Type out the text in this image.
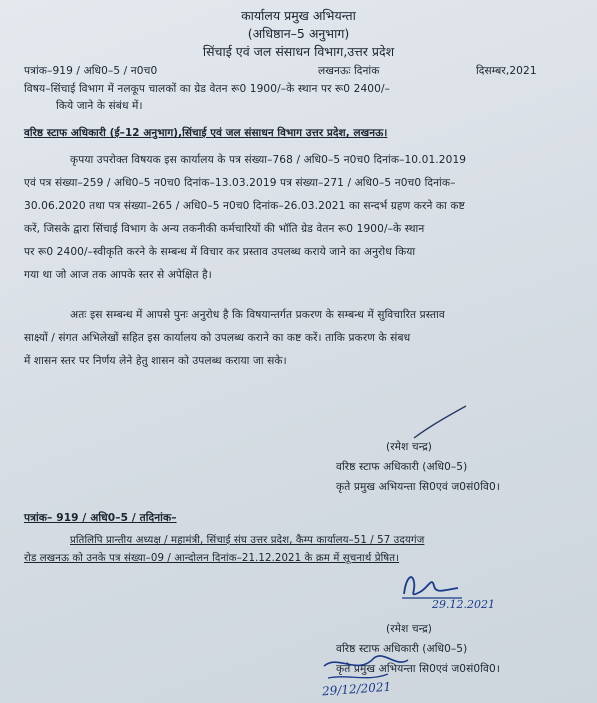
कार्यालय प्रमुख अभियन्ता
(अधिष्ठान–5 अनुभाग)
सिंचाई एवं जल संसाधन विभाग,उत्तर प्रदेश
पत्रांक–919 / अधि0–5 / न0च0	लखनऊः दिनांक	दिसम्बर,2021
विषय–सिंचाई विभाग में नलकूप चालकों का ग्रेड वेतन रू0 1900/–के स्थान पर रू0 2400/–
किये जाने के संबंध में।
वरिष्ठ स्टाफ अधिकारी (ई–12 अनुभाग),सिंचाई एवं जल संसाधन विभाग उत्तर प्रदेश, लखनऊ।
कृपया उपरोक्त विषयक इस कार्यालय के पत्र संख्या–768 / अधि0–5 न0च0 दिनांक–10.01.2019
एवं पत्र संख्या–259 / अधि0–5 न0च0 दिनांक–13.03.2019 पत्र संख्या–271 / अधि0–5 न0च0 दिनांक–
30.06.2020 तथा पत्र संख्या–265 / अधि0–5 न0च0 दिनांक–26.03.2021 का सन्दर्भ ग्रहण करने का कष्ट
करें, जिसके द्वारा सिंचाई विभाग के अन्य तकनीकी कर्मचारियों की भॉति ग्रेड वेतन रू0 1900/–के स्थान
पर रू0 2400/–स्वीकृति करने के सम्बन्ध में विचार कर प्रस्ताव उपलब्ध कराये जाने का अनुरोध किया
गया था जो आज तक आपके स्तर से अपेक्षित है।
अतः इस सम्बन्ध में आपसे पुनः अनुरोध है कि विषयान्तर्गत प्रकरण के सम्बन्ध में सुविचारित प्रस्ताव
साक्ष्यों / संगत अभिलेखों सहित इस कार्यालय को उपलब्ध कराने का कष्ट करें। ताकि प्रकरण के संबध
में शासन स्तर पर निर्णय लेने हेतु शासन को उपलब्ध कराया जा सके।
(रमेश चन्द्र)
वरिष्ठ स्टाफ अधिकारी (अधि0–5)
कृते प्रमुख अभियन्ता सि0एवं ज0सं0वि0।
पत्रांक– 919 / अधि0–5 / तदिनांक–
प्रतिलिपि प्रान्तीय अध्यक्ष / महामंत्री, सिंचाई संघ उत्तर प्रदेश, कैम्प कार्यालय–51 / 57 उदयगंज
रोड लखनऊ को उनके पत्र संख्या–09 / आन्दोलन दिनांक–21.12.2021 के क्रम में सूचनार्थ प्रेषित।
29.12.2021
(रमेश चन्द्र)
वरिष्ठ स्टाफ अधिकारी (अधि0–5)
कृते प्रमुख अभियन्ता सि0एवं ज0सं0वि0।
29/12/2021
